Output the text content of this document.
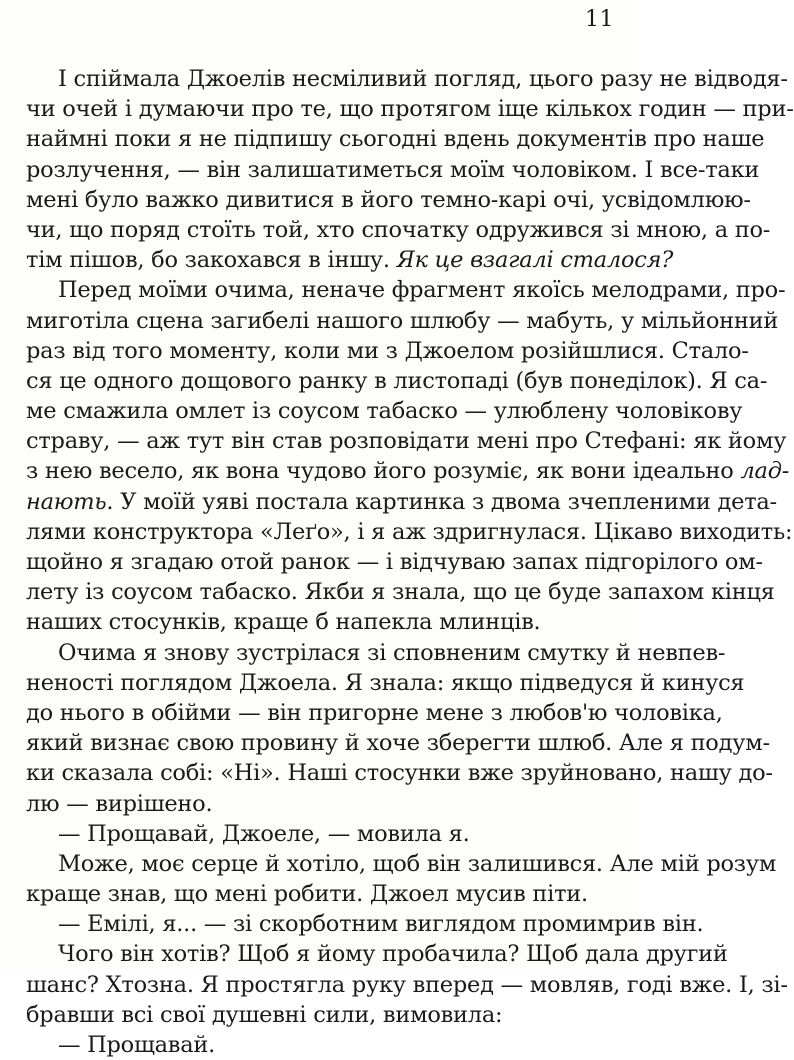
11
І спіймала Джоелів несміливий погляд, цього разу не відводя-
чи очей і думаючи про те, що протягом іще кількох годин — при-
наймні поки я не підпишу сьогодні вдень документів про наше
розлучення, — він залишатиметься моїм чоловіком. І все-таки
мені було важко дивитися в його темно-карі очі, усвідомлюю-
чи, що поряд стоїть той, хто спочатку одружився зі мною, а по-
тім пішов, бо закохався в іншу. Як це взагалі сталося?
Перед моїми очима, неначе фрагмент якоїсь мелодрами, про-
миготіла сцена загибелі нашого шлюбу — мабуть, у мільйонний
раз від того моменту, коли ми з Джоелом розійшлися. Стало-
ся це одного дощового ранку в листопаді (був понеділок). Я са-
ме смажила омлет із соусом табаско — улюблену чоловікову
страву, — аж тут він став розповідати мені про Стефані: як йому
з нею весело, як вона чудово його розуміє, як вони ідеально лад-
нають. У моїй уяві постала картинка з двома зчепленими дета-
лями конструктора «Леґо», і я аж здригнулася. Цікаво виходить:
щойно я згадаю отой ранок — і відчуваю запах підгорілого ом-
лету із соусом табаско. Якби я знала, що це буде запахом кінця
наших стосунків, краще б напекла млинців.
Очима я знову зустрілася зі сповненим смутку й невпев-
неності поглядом Джоела. Я знала: якщо підведуся й кинуся
до нього в обійми — він пригорне мене з любов'ю чоловіка,
який визнає свою провину й хоче зберегти шлюб. Але я подум-
ки сказала собі: «Ні». Наші стосунки вже зруйновано, нашу до-
лю — вирішено.
— Прощавай, Джоеле, — мовила я.
Може, моє серце й хотіло, щоб він залишився. Але мій розум
краще знав, що мені робити. Джоел мусив піти.
— Емілі, я... — зі скорботним виглядом промимрив він.
Чого він хотів? Щоб я йому пробачила? Щоб дала другий
шанс? Хтозна. Я простягла руку вперед — мовляв, годі вже. І, зі-
бравши всі свої душевні сили, вимовила:
— Прощавай.
